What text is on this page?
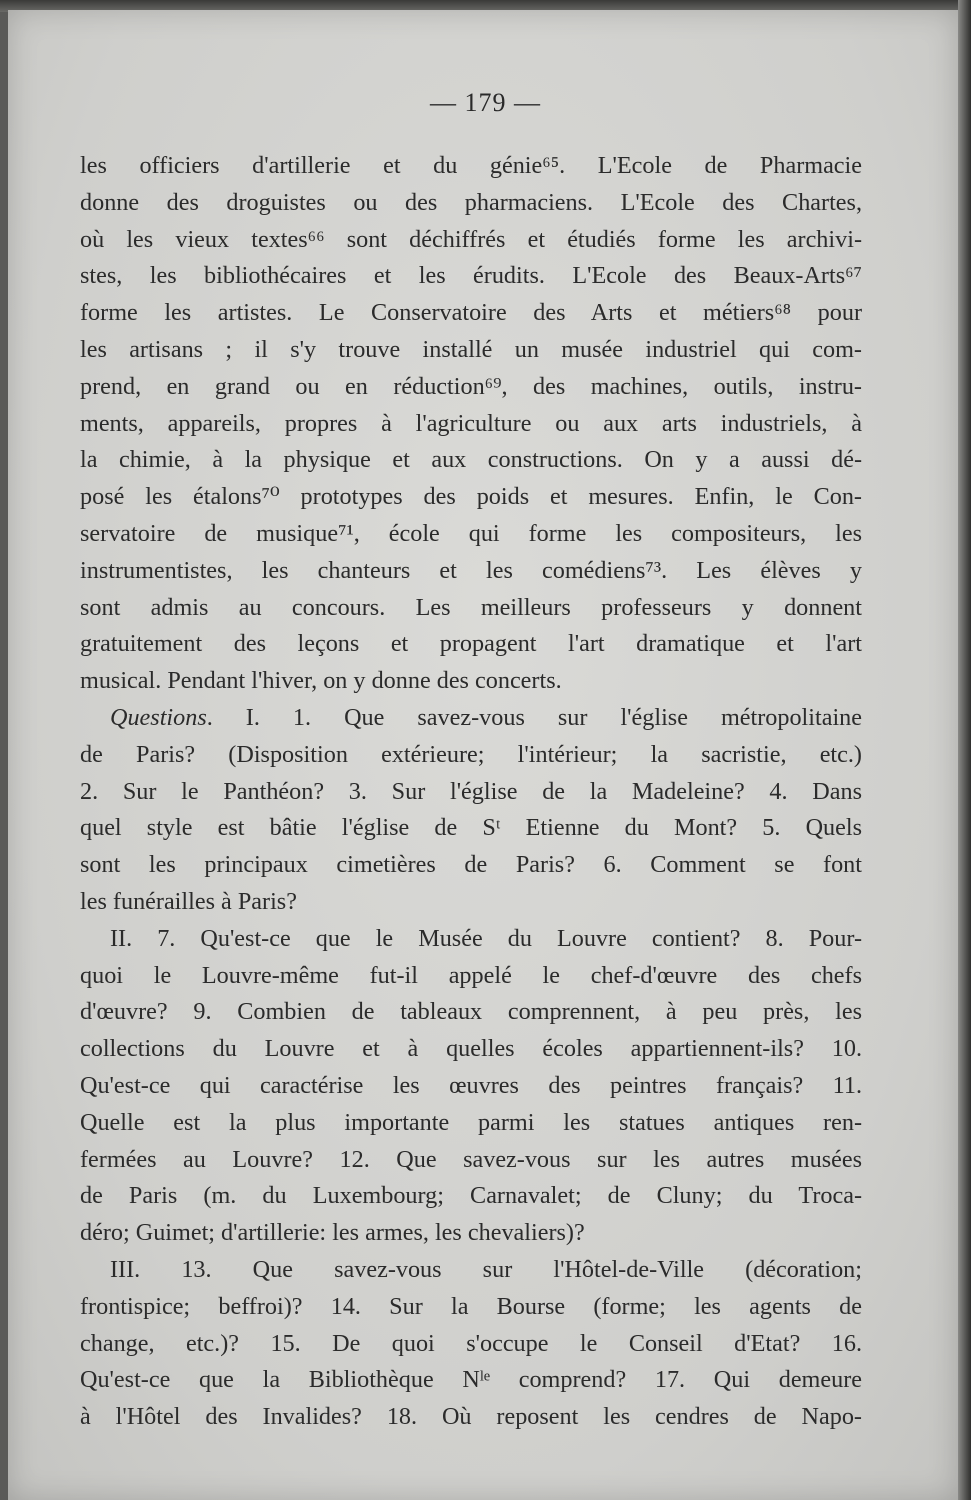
— 179 —
les officiers d'artillerie et du génie⁶⁵. L'Ecole de Pharmacie
donne des droguistes ou des pharmaciens. L'Ecole des Chartes,
où les vieux textes⁶⁶ sont déchiffrés et étudiés forme les archivi-
stes, les bibliothécaires et les érudits. L'Ecole des Beaux-Arts⁶⁷
forme les artistes. Le Conservatoire des Arts et métiers⁶⁸ pour
les artisans ; il s'y trouve installé un musée industriel qui com-
prend, en grand ou en réduction⁶⁹, des machines, outils, instru-
ments, appareils, propres à l'agriculture ou aux arts industriels, à
la chimie, à la physique et aux constructions. On y a aussi dé-
posé les étalons⁷⁰ prototypes des poids et mesures. Enfin, le Con-
servatoire de musique⁷¹, école qui forme les compositeurs, les
instrumentistes, les chanteurs et les comédiens⁷³. Les élèves y
sont admis au concours. Les meilleurs professeurs y donnent
gratuitement des leçons et propagent l'art dramatique et l'art
musical. Pendant l'hiver, on y donne des concerts.
Questions. I. 1. Que savez-vous sur l'église métropolitaine
de Paris? (Disposition extérieure; l'intérieur; la sacristie, etc.)
2. Sur le Panthéon? 3. Sur l'église de la Madeleine? 4. Dans
quel style est bâtie l'église de Sᵗ Etienne du Mont? 5. Quels
sont les principaux cimetières de Paris? 6. Comment se font
les funérailles à Paris?
II. 7. Qu'est-ce que le Musée du Louvre contient? 8. Pour-
quoi le Louvre-même fut-il appelé le chef-d'œuvre des chefs
d'œuvre? 9. Combien de tableaux comprennent, à peu près, les
collections du Louvre et à quelles écoles appartiennent-ils? 10.
Qu'est-ce qui caractérise les œuvres des peintres français? 11.
Quelle est la plus importante parmi les statues antiques ren-
fermées au Louvre? 12. Que savez-vous sur les autres musées
de Paris (m. du Luxembourg; Carnavalet; de Cluny; du Troca-
déro; Guimet; d'artillerie: les armes, les chevaliers)?
III. 13. Que savez-vous sur l'Hôtel-de-Ville (décoration;
frontispice; beffroi)? 14. Sur la Bourse (forme; les agents de
change, etc.)? 15. De quoi s'occupe le Conseil d'Etat? 16.
Qu'est-ce que la Bibliothèque Nˡᵉ comprend? 17. Qui demeure
à l'Hôtel des Invalides? 18. Où reposent les cendres de Napo-
